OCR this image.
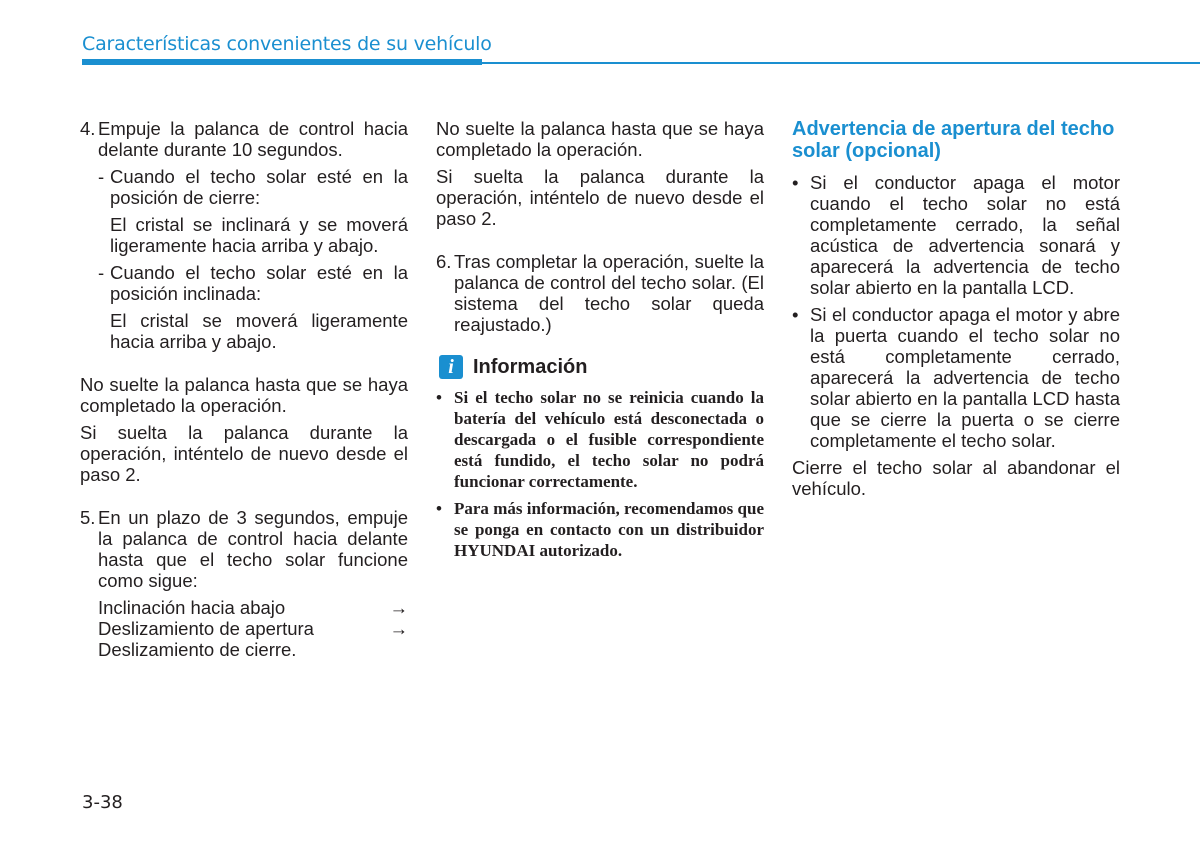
Características convenientes de su vehículo
4. Empuje la palanca de control hacia delante durante 10 segundos.
- Cuando el techo solar esté en la posición de cierre:

El cristal se inclinará y se moverá ligeramente hacia arriba y abajo.

- Cuando el techo solar esté en la posición inclinada:

El cristal se moverá ligeramente hacia arriba y abajo.

No suelte la palanca hasta que se haya completado la operación.

Si suelta la palanca durante la operación, inténtelo de nuevo desde el paso 2.

5. En un plazo de 3 segundos, empuje la palanca de control hacia delante hasta que el techo solar funcione como sigue:
Inclinación hacia abajo	→
Deslizamiento de apertura	→
Deslizamiento de cierre.

No suelte la palanca hasta que se haya completado la operación.

Si suelta la palanca durante la operación, inténtelo de nuevo desde el paso 2.

6. Tras completar la operación, suelte la palanca de control del techo solar. (El sistema del techo solar queda reajustado.)
i Información
• Si el techo solar no se reinicia cuando la batería del vehículo está desconectada o descargada o el fusible correspondiente está fundido, el techo solar no podrá funcionar correctamente.
• Para más información, recomendamos que se ponga en contacto con un distribuidor HYUNDAI autorizado.
Advertencia de apertura del techo solar (opcional)
• Si el conductor apaga el motor cuando el techo solar no está completamente cerrado, la señal acústica de advertencia sonará y aparecerá la advertencia de techo solar abierto en la pantalla LCD.
• Si el conductor apaga el motor y abre la puerta cuando el techo solar no está completamente cerrado, aparecerá la advertencia de techo solar abierto en la pantalla LCD hasta que se cierre la puerta o se cierre completamente el techo solar.

Cierre el techo solar al abandonar el vehículo.

3-38
